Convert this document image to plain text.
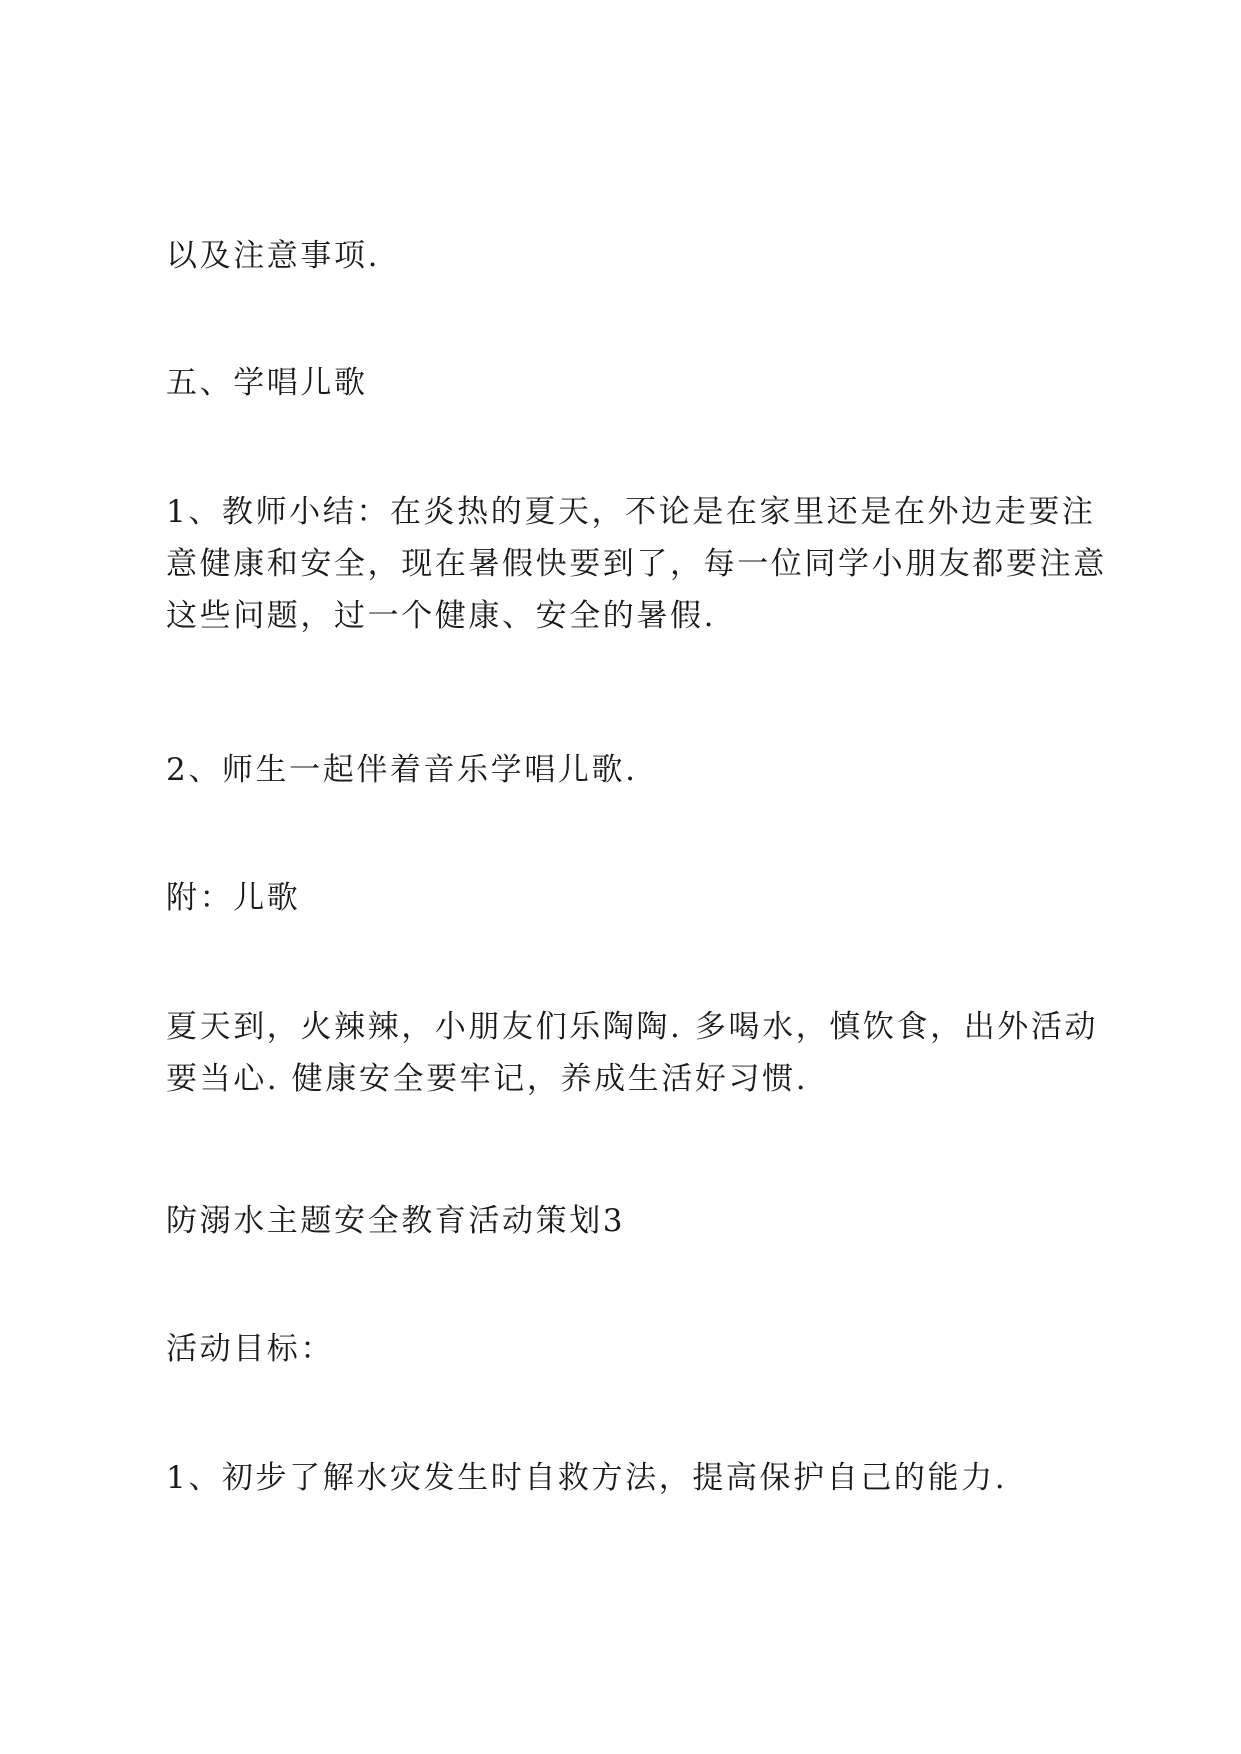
以及注意事项.

五、学唱儿歌

1、教师小结：在炎热的夏天，不论是在家里还是在外边走要注
意健康和安全，现在暑假快要到了，每一位同学小朋友都要注意
这些问题，过一个健康、安全的暑假.

2、师生一起伴着音乐学唱儿歌.

附：儿歌

夏天到，火辣辣，小朋友们乐陶陶. 多喝水，慎饮食，出外活动
要当心. 健康安全要牢记，养成生活好习惯.

防溺水主题安全教育活动策划3

活动目标：

1、初步了解水灾发生时自救方法，提高保护自己的能力.
